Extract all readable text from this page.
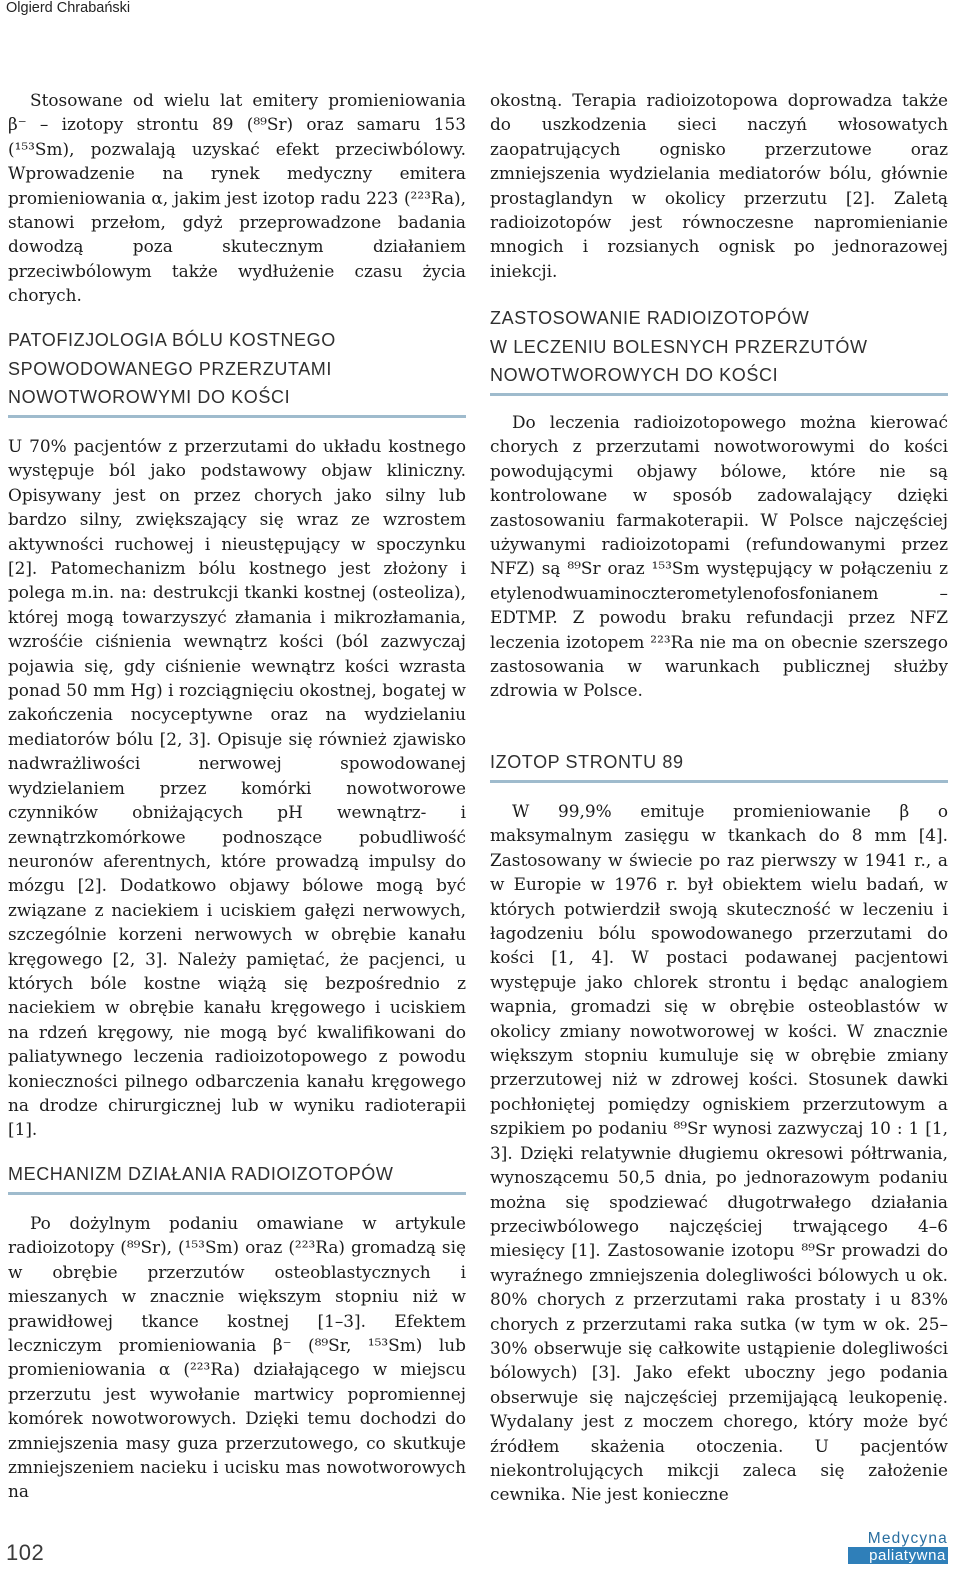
Olgierd Chrabański

Stosowane od wielu lat emitery promieniowania β⁻ – izotopy strontu 89 (⁸⁹Sr) oraz samaru 153 (¹⁵³Sm), pozwalają uzyskać efekt przeciwbólowy. Wprowadzenie na rynek medyczny emitera promieniowania α, jakim jest izotop radu 223 (²²³Ra), stanowi przełom, gdyż przeprowadzone badania dowodzą poza skutecznym działaniem przeciwbólowym także wydłużenie czasu życia chorych.

PATOFIZJOLOGIA BÓLU KOSTNEGO
SPOWODOWANEGO PRZERZUTAMI
NOWOTWOROWYMI DO KOŚCI

U 70% pacjentów z przerzutami do układu kostnego występuje ból jako podstawowy objaw kliniczny. Opisywany jest on przez chorych jako silny lub bardzo silny, zwiększający się wraz ze wzrostem aktywności ruchowej i nieustępujący w spoczynku [2]. Patomechanizm bólu kostnego jest złożony i polega m.in. na: destrukcji tkanki kostnej (osteoliza), której mogą towarzyszyć złamania i mikrozłamania, wzrośćie ciśnienia wewnątrz kości (ból zazwyczaj pojawia się, gdy ciśnienie wewnątrz kości wzrasta ponad 50 mm Hg) i rozciągnięciu okostnej, bogatej w zakończenia nocyceptywne oraz na wydzielaniu mediatorów bólu [2, 3]. Opisuje się również zjawisko nadwrażliwości nerwowej spowodowanej wydzielaniem przez komórki nowotworowe czynników obniżających pH wewnątrz- i zewnątrzkomórkowe podnoszące pobudliwość neuronów aferentnych, które prowadzą impulsy do mózgu [2]. Dodatkowo objawy bólowe mogą być związane z naciekiem i uciskiem gałęzi nerwowych, szczególnie korzeni nerwowych w obrębie kanału kręgowego [2, 3]. Należy pamiętać, że pacjenci, u których bóle kostne wiążą się bezpośrednio z naciekiem w obrębie kanału kręgowego i uciskiem na rdzeń kręgowy, nie mogą być kwalifikowani do paliatywnego leczenia radioizotopowego z powodu konieczności pilnego odbarczenia kanału kręgowego na drodze chirurgicznej lub w wyniku radioterapii [1].

MECHANIZM DZIAŁANIA RADIOIZOTOPÓW

Po dożylnym podaniu omawiane w artykule radioizotopy (⁸⁹Sr), (¹⁵³Sm) oraz (²²³Ra) gromadzą się w obrębie przerzutów osteoblastycznych i mieszanych w znacznie większym stopniu niż w prawidłowej tkance kostnej [1–3]. Efektem leczniczym promieniowania β⁻ (⁸⁹Sr, ¹⁵³Sm) lub promieniowania α (²²³Ra) działającego w miejscu przerzutu jest wywołanie martwicy popromiennej komórek nowotworowych. Dzięki temu dochodzi do zmniejszenia masy guza przerzutowego, co skutkuje zmniejszeniem nacieku i ucisku mas nowotworowych na

okostną. Terapia radioizotopowa doprowadza także do uszkodzenia sieci naczyń włosowatych zaopatrujących ognisko przerzutowe oraz zmniejszenia wydzielania mediatorów bólu, głównie prostaglandyn w okolicy przerzutu [2]. Zaletą radioizotopów jest równoczesne napromienianie mnogich i rozsianych ognisk po jednorazowej iniekcji.

ZASTOSOWANIE RADIOIZOTOPÓW
W LECZENIU BOLESNYCH PRZERZUTÓW
NOWOTWOROWYCH DO KOŚCI

Do leczenia radioizotopowego można kierować chorych z przerzutami nowotworowymi do kości powodującymi objawy bólowe, które nie są kontrolowane w sposób zadowalający dzięki zastosowaniu farmakoterapii. W Polsce najczęściej używanymi radioizotopami (refundowanymi przez NFZ) są ⁸⁹Sr oraz ¹⁵³Sm występujący w połączeniu z etylenodwuaminoczterometylenofosfonianem – EDTMP. Z powodu braku refundacji przez NFZ leczenia izotopem ²²³Ra nie ma on obecnie szerszego zastosowania w warunkach publicznej służby zdrowia w Polsce.

IZOTOP STRONTU 89

W 99,9% emituje promieniowanie β o maksymalnym zasięgu w tkankach do 8 mm [4]. Zastosowany w świecie po raz pierwszy w 1941 r., a w Europie w 1976 r. był obiektem wielu badań, w których potwierdził swoją skuteczność w leczeniu i łagodzeniu bólu spowodowanego przerzutami do kości [1, 4]. W postaci podawanej pacjentowi występuje jako chlorek strontu i będąc analogiem wapnia, gromadzi się w obrębie osteoblastów w okolicy zmiany nowotworowej w kości. W znacznie większym stopniu kumuluje się w obrębie zmiany przerzutowej niż w zdrowej kości. Stosunek dawki pochłoniętej pomiędzy ogniskiem przerzutowym a szpikiem po podaniu ⁸⁹Sr wynosi zazwyczaj 10 : 1 [1, 3]. Dzięki relatywnie długiemu okresowi półtrwania, wynoszącemu 50,5 dnia, po jednorazowym podaniu można się spodziewać długotrwałego działania przeciwbólowego najczęściej trwającego 4–6 miesięcy [1]. Zastosowanie izotopu ⁸⁹Sr prowadzi do wyraźnego zmniejszenia dolegliwości bólowych u ok. 80% chorych z przerzutami raka prostaty i u 83% chorych z przerzutami raka sutka (w tym w ok. 25–30% obserwuje się całkowite ustąpienie dolegliwości bólowych) [3]. Jako efekt uboczny jego podania obserwuje się najczęściej przemijającą leukopenię. Wydalany jest z moczem chorego, który może być źródłem skażenia otoczenia. U pacjentów niekontrolujących mikcji zaleca się założenie cewnika. Nie jest konieczne

102
Medycyna
paliatywna
